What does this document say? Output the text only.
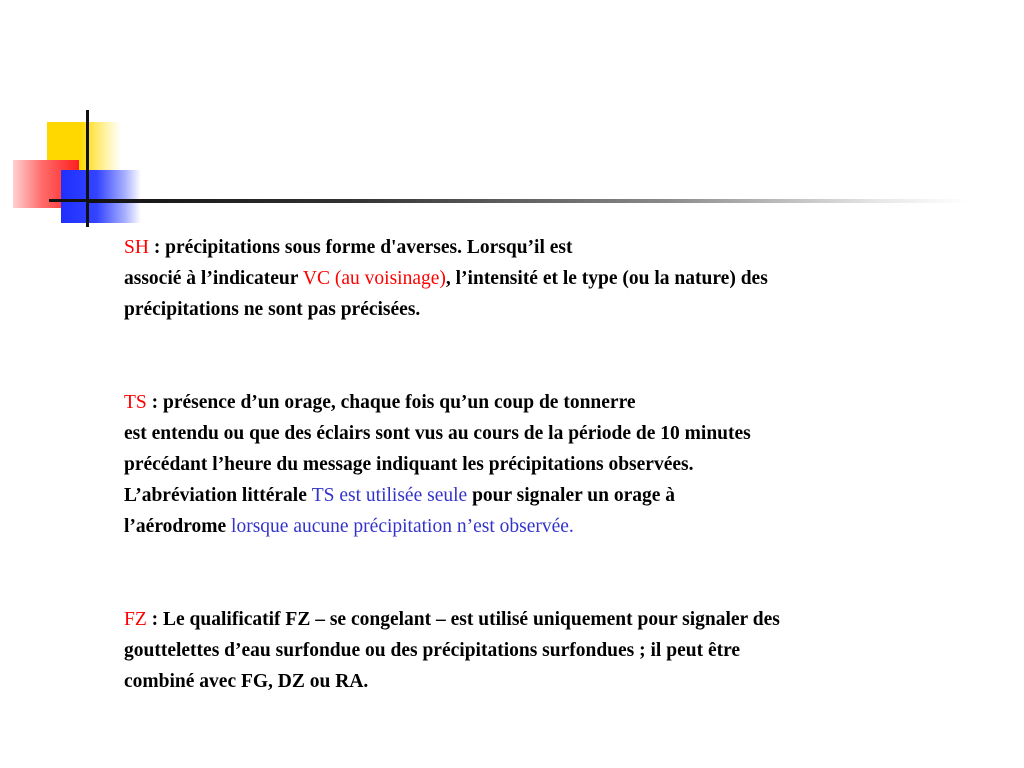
SH : précipitations sous forme d'averses. Lorsqu’il est
associé à l’indicateur VC (au voisinage), l’intensité et le type (ou la nature) des
précipitations ne sont pas précisées.

TS : présence d’un orage, chaque fois qu’un coup de tonnerre
est entendu ou que des éclairs sont vus au cours de la période de 10 minutes
précédant l’heure du message indiquant les précipitations observées.
L’abréviation littérale TS est utilisée seule pour signaler un orage à
l’aérodrome lorsque aucune précipitation n’est observée.

FZ : Le qualificatif FZ – se congelant – est utilisé uniquement pour signaler des
gouttelettes d’eau surfondue ou des précipitations surfondues ; il peut être
combiné avec FG, DZ ou RA.
